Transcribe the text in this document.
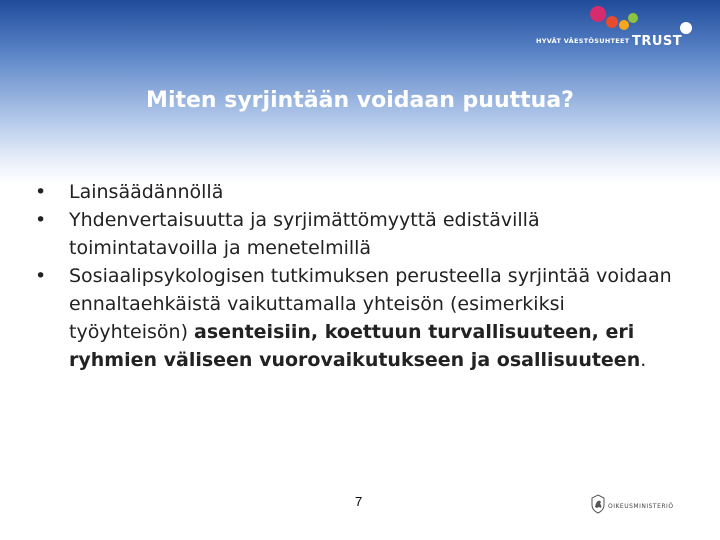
HYVÄT VÄESTÖSUHTEET TRUST
Miten syrjintään voidaan puuttua?
•	Lainsäädännöllä
•	Yhdenvertaisuutta ja syrjimättömyyttä edistävillä toimintatavoilla ja menetelmillä
•	Sosiaalipsykologisen tutkimuksen perusteella syrjintää voidaan ennaltaehkäistä vaikuttamalla yhteisön (esimerkiksi työyhteisön) asenteisiin, koettuun turvallisuuteen, eri ryhmien väliseen vuorovaikutukseen ja osallisuuteen.
7	OIKEUSMINISTERIÖ
